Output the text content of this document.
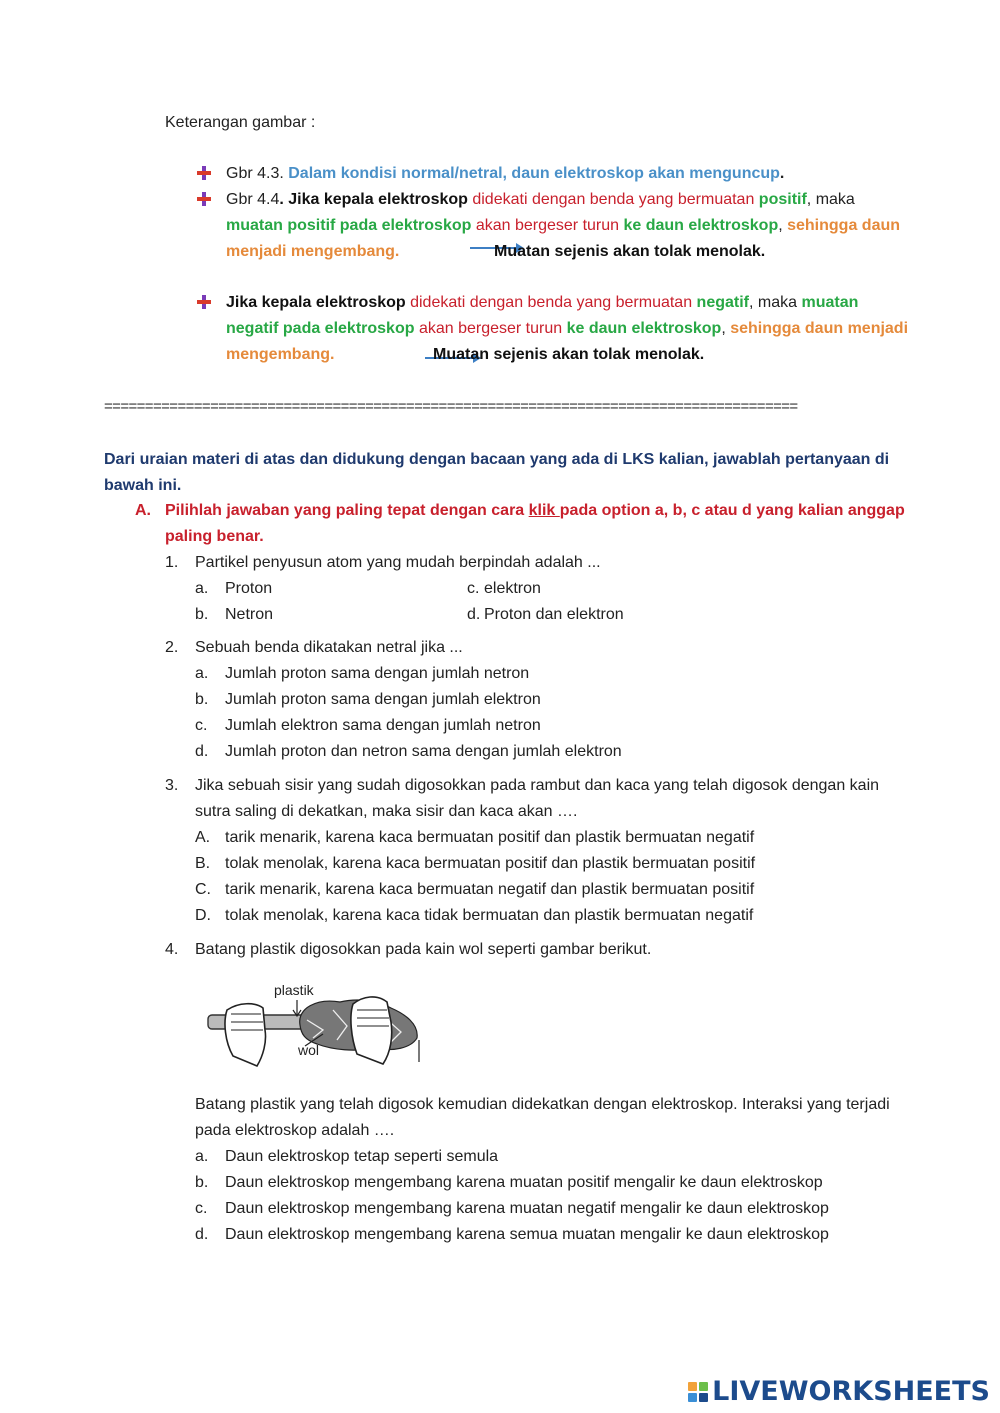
Keterangan gambar :
Gbr 4.3. Dalam kondisi normal/netral, daun elektroskop akan menguncup.
Gbr 4.4. Jika kepala elektroskop didekati dengan benda yang bermuatan positif, maka
muatan positif pada elektroskop akan bergeser turun ke daun elektroskop, sehingga daun
menjadi mengembang.	Muatan sejenis akan tolak menolak.
Jika kepala elektroskop didekati dengan benda yang bermuatan negatif, maka muatan
negatif pada elektroskop akan bergeser turun ke daun elektroskop, sehingga daun menjadi
mengembang.	Muatan sejenis akan tolak menolak.
=====================================================================================
Dari uraian materi di atas dan didukung dengan bacaan yang ada di LKS kalian, jawablah pertanyaan di
bawah ini.
A. Pilihlah jawaban yang paling tepat dengan cara klik pada option a, b, c atau d yang kalian anggap
paling benar.
1. Partikel penyusun atom yang mudah berpindah adalah ...
a. Proton	c. elektron
b. Netron	d. Proton dan elektron
2. Sebuah benda dikatakan netral jika ...
a. Jumlah proton sama dengan jumlah netron
b. Jumlah proton sama dengan jumlah elektron
c. Jumlah elektron sama dengan jumlah netron
d. Jumlah proton dan netron sama dengan jumlah elektron
3. Jika sebuah sisir yang sudah digosokkan pada rambut dan kaca yang telah digosok dengan kain
sutra saling di dekatkan, maka sisir dan kaca akan ….
A. tarik menarik, karena kaca bermuatan positif dan plastik bermuatan negatif
B. tolak menolak, karena kaca bermuatan positif dan plastik bermuatan positif
C. tarik menarik, karena kaca bermuatan negatif dan plastik bermuatan positif
D. tolak menolak, karena kaca tidak bermuatan dan plastik bermuatan negatif
4. Batang plastik digosokkan pada kain wol seperti gambar berikut.
plastik
wol
Batang plastik yang telah digosok kemudian didekatkan dengan elektroskop. Interaksi yang terjadi
pada elektroskop adalah ….
a. Daun elektroskop tetap seperti semula
b. Daun elektroskop mengembang karena muatan positif mengalir ke daun elektroskop
c. Daun elektroskop mengembang karena muatan negatif mengalir ke daun elektroskop
d. Daun elektroskop mengembang karena semua muatan mengalir ke daun elektroskop
LIVEWORKSHEETS
